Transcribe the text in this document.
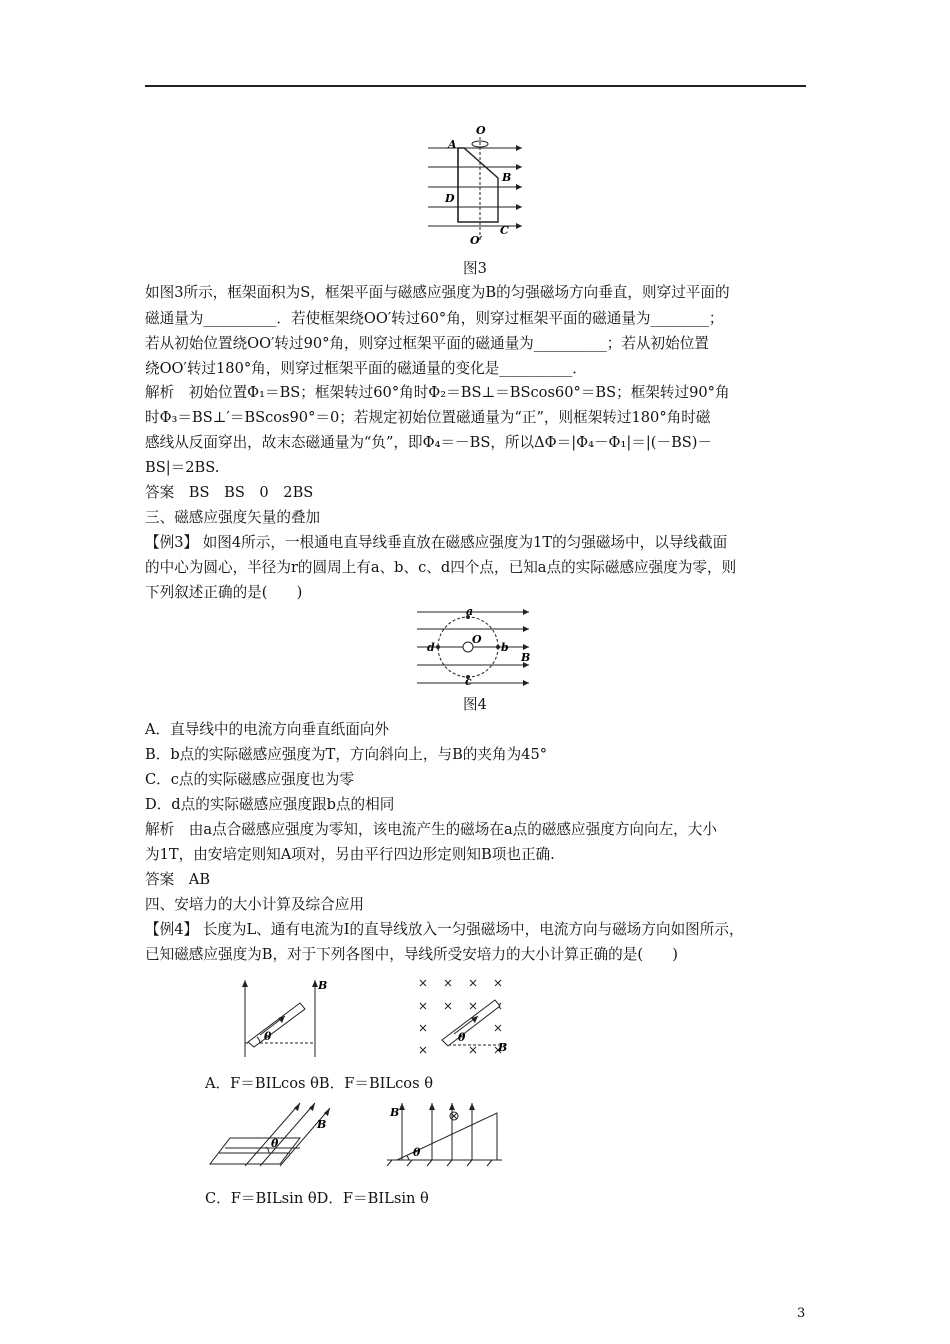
O
A
B
D
C
O′
图3
如图3所示，框架面积为S，框架平面与磁感应强度为B的匀强磁场方向垂直，则穿过平面的
磁通量为__________．若使框架绕OO′转过60°角，则穿过框架平面的磁通量为________；
若从初始位置绕OO′转过90°角，则穿过框架平面的磁通量为__________；若从初始位置
绕OO′转过180°角，则穿过框架平面的磁通量的变化是__________．
解析　初始位置Φ₁＝BS；框架转过60°角时Φ₂＝BS⊥＝BScos60°＝BS；框架转过90°角
时Φ₃＝BS⊥′＝BScos90°＝0；若规定初始位置磁通量为“正”，则框架转过180°角时磁
感线从反面穿出，故末态磁通量为“负”，即Φ₄＝－BS，所以ΔΦ＝|Φ₄－Φ₁|＝|(－BS)－
BS|＝2BS.
答案　BS　BS　0　2BS
三、磁感应强度矢量的叠加
【例3】 如图4所示，一根通电直导线垂直放在磁感应强度为1T的匀强磁场中，以导线截面
的中心为圆心，半径为r的圆周上有a、b、c、d四个点，已知a点的实际磁感应强度为零，则
下列叙述正确的是(　　)
a
O
b
d
c
B
图4
A．直导线中的电流方向垂直纸面向外
B．b点的实际磁感应强度为T，方向斜向上，与B的夹角为45°
C．c点的实际磁感应强度也为零
D．d点的实际磁感应强度跟b点的相同
解析　由a点合磁感应强度为零知，该电流产生的磁场在a点的磁感应强度方向向左，大小
为1T，由安培定则知A项对，另由平行四边形定则知B项也正确.
答案　AB
四、安培力的大小计算及综合应用
【例4】 长度为L、通有电流为I的直导线放入一匀强磁场中，电流方向与磁场方向如图所示，
已知磁感应强度为B，对于下列各图中，导线所受安培力的大小计算正确的是(　　)
B
θ
B
θ
A．F＝BILcos θB．F＝BILcos θ
B
θ
B
θ
C．F＝BILsin θD．F＝BILsin θ
3
